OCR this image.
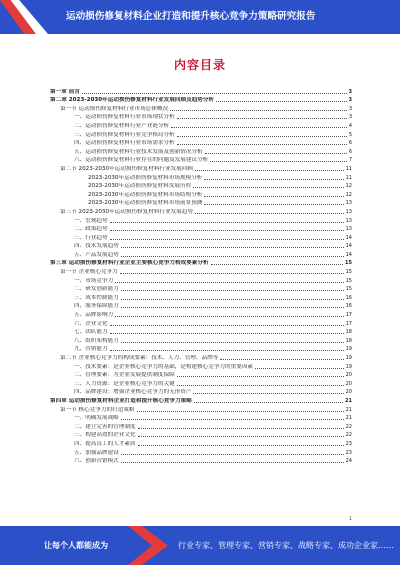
运动损伤修复材料企业打造和提升核心竞争力策略研究报告
内容目录
第一章 前言	3
第二章 2023-2030年运动损伤修复材料行业发展回顾及趋势分析	3
第一节 运动损伤修复材料行业市场总体概况	3
一、运动损伤修复材料行业市场现状分析	3
二、运动损伤修复材料行业产业链分析	4
三、运动损伤修复材料行业竞争格局分析	5
四、运动损伤修复材料行业市场需求分析	6
五、运动损伤修复材料行业技术发展及创新情况分析	6
六、运动损伤修复材料行业存在的问题及发展建议分析	7
第二节 2023-2030年运动损伤修复材料行业发展回顾	11
2023-2030年运动损伤修复材料市场规模分析	11
2023-2030年运动损伤修复材料发展历程	12
2023-2030年运动损伤修复材料市场结构分析	12
2023-2030年运动损伤修复材料市场前景预测	13
第三节 2023-2030年运动损伤修复材料行业发展趋势	13
一、宏观趋势	13
二、政策趋势	13
三、行业趋势	14
四、技术发展趋势	14
五、产品发展趋势	14
第三章 运动损伤修复材料行业企业主要核心竞争力构成要素分析	15
第一节 企业核心竞争力	15
一、市场竞争力	15
二、研发创新能力	15
三、成本控制能力	16
四、服务保障能力	16
五、品牌影响力	17
六、企业文化	17
七、团队能力	18
八、组织架构能力	18
九、营销能力	19
第二节 企业核心竞争力的构成要素：技术、人力、管理、品牌等	19
一、技术要素：是企业核心竞争力的基础，是构建核心竞争力的重要因素	19
二、管理要素：为企业发展提供制度保障	20
三、人力资源：是企业核心竞争力的关键	20
四、品牌建设：增强企业核心竞争力的无形资产	20
第四章 运动损伤修复材料企业打造和提升核心竞争力策略	21
第一节 核心竞争力的打造策略	21
一、明确发展战略	21
二、建立完善的管理制度	22
三、构建高效的企业文化	22
四、提高员工的人才素质	23
五、加强品牌建设	23
六、创新营销模式	24
1
让每个人都能成为	行业专家、管理专家、营销专家、战略专家、成功企业家……
